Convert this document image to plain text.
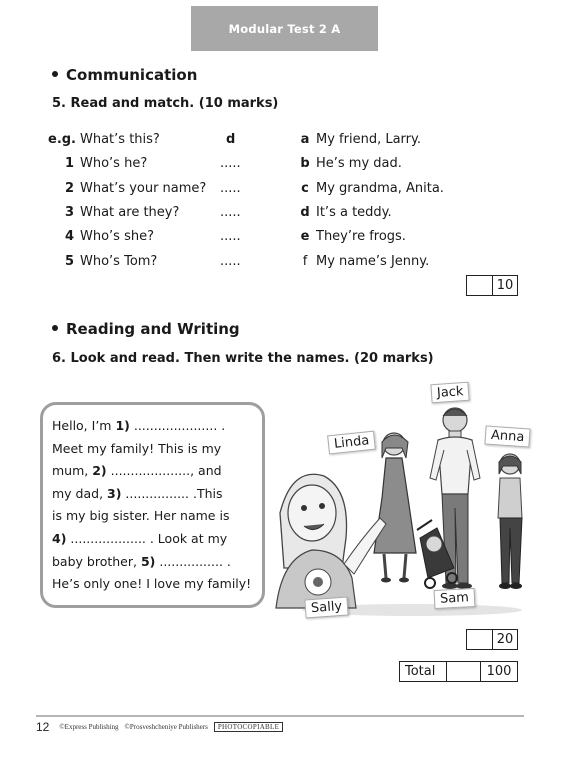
Modular Test 2 A
Communication
5. Read and match. (10 marks)
e.g. What’s this?	d	a My friend, Larry.
1 Who’s he?	.....	b He’s my dad.
2 What’s your name? .....	c My grandma, Anita.
3 What are they?	.....	d It’s a teddy.
4 Who’s she?	.....	e They’re frogs.
5 Who’s Tom?	.....	f My name’s Jenny.
10
Reading and Writing
6. Look and read. Then write the names. (20 marks)

Hello, I’m 1) ..................... .

Meet my family! This is my

mum, 2) ...................., and

my dad, 3) ................ .This

is my big sister. Her name is

4) ................... . Look at my

baby brother, 5) ................ .

He’s only one! I love my family!

Jack
Linda	Anna
Sam
Sally
20
Total	100
12 ©Express Publishing ©Prosveshcheniye Publishers	PHOTOCOPIABLE
